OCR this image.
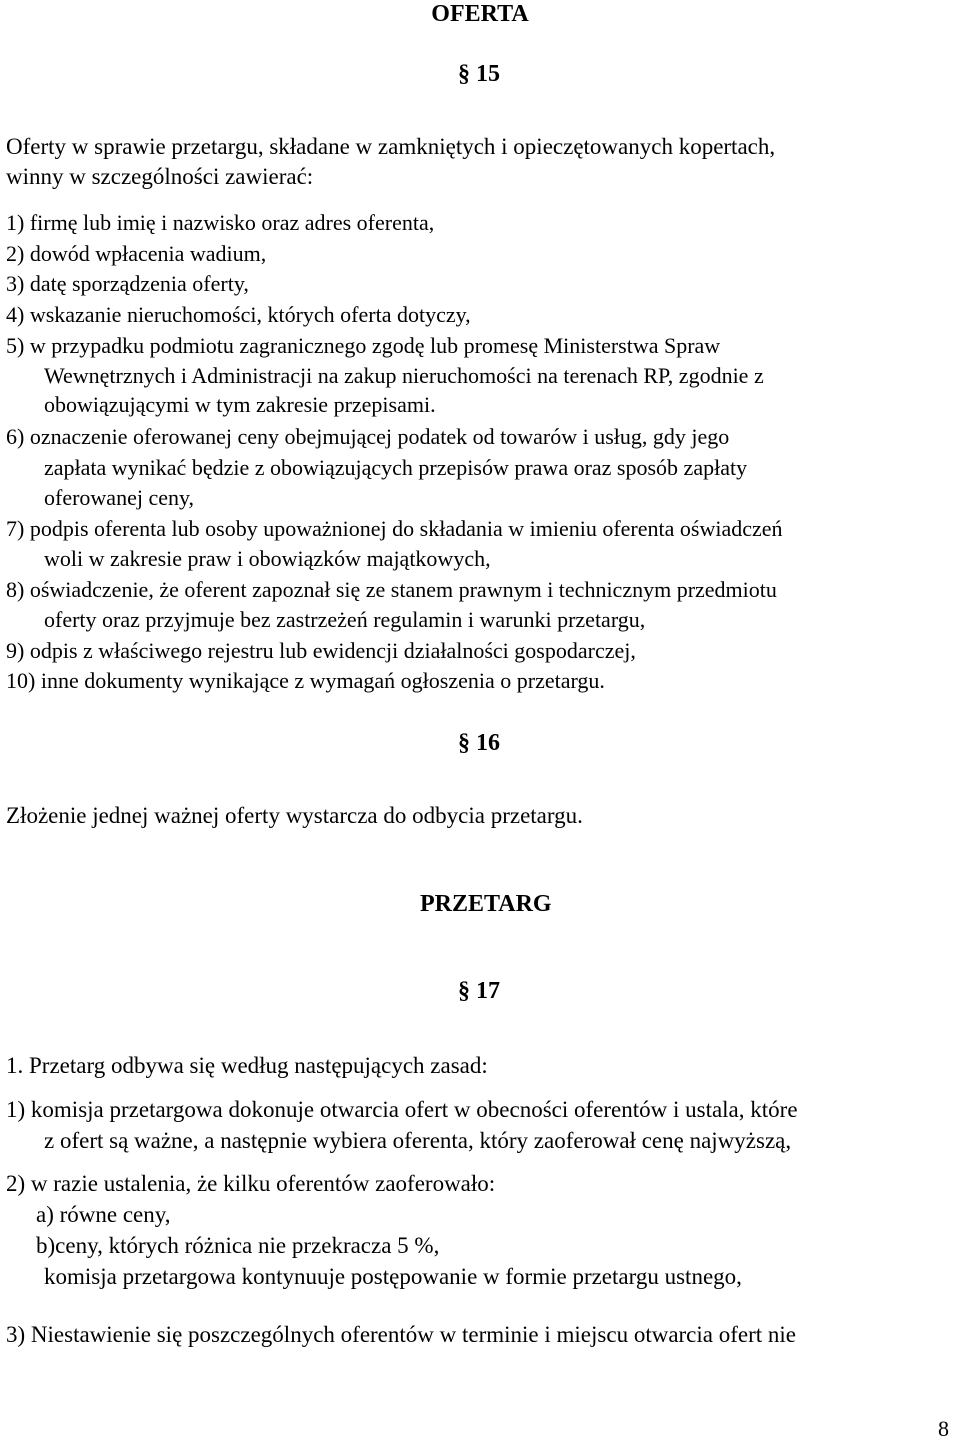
OFERTA
§ 15
Oferty w sprawie przetargu, składane w zamkniętych i opieczętowanych kopertach,
winny w szczególności zawierać:
1) firmę lub imię i nazwisko oraz adres oferenta,
2) dowód wpłacenia wadium,
3) datę sporządzenia oferty,
4) wskazanie nieruchomości, których oferta dotyczy,
5) w przypadku podmiotu zagranicznego zgodę lub promesę Ministerstwa Spraw
Wewnętrznych i Administracji na zakup nieruchomości na terenach RP, zgodnie z
obowiązującymi w tym zakresie przepisami.
6) oznaczenie oferowanej ceny obejmującej podatek od towarów i usług, gdy jego
zapłata wynikać będzie z obowiązujących przepisów prawa oraz sposób zapłaty
oferowanej ceny,
7) podpis oferenta lub osoby upoważnionej do składania w imieniu oferenta oświadczeń
woli w zakresie praw i obowiązków majątkowych,
8) oświadczenie, że oferent zapoznał się ze stanem prawnym i technicznym przedmiotu
oferty oraz przyjmuje bez zastrzeżeń regulamin i warunki przetargu,
9) odpis z właściwego rejestru lub ewidencji działalności gospodarczej,
10) inne dokumenty wynikające z wymagań ogłoszenia o przetargu.
§ 16
Złożenie jednej ważnej oferty wystarcza do odbycia przetargu.
PRZETARG
§ 17
1. Przetarg odbywa się według następujących zasad:
1) komisja przetargowa dokonuje otwarcia ofert w obecności oferentów i ustala, które
z ofert są ważne, a następnie wybiera oferenta, który zaoferował cenę najwyższą,
2) w razie ustalenia, że kilku oferentów zaoferowało:
a) równe ceny,
b)ceny, których różnica nie przekracza 5 %,
komisja przetargowa kontynuuje postępowanie w formie przetargu ustnego,
3) Niestawienie się poszczególnych oferentów w terminie i miejscu otwarcia ofert nie
8
